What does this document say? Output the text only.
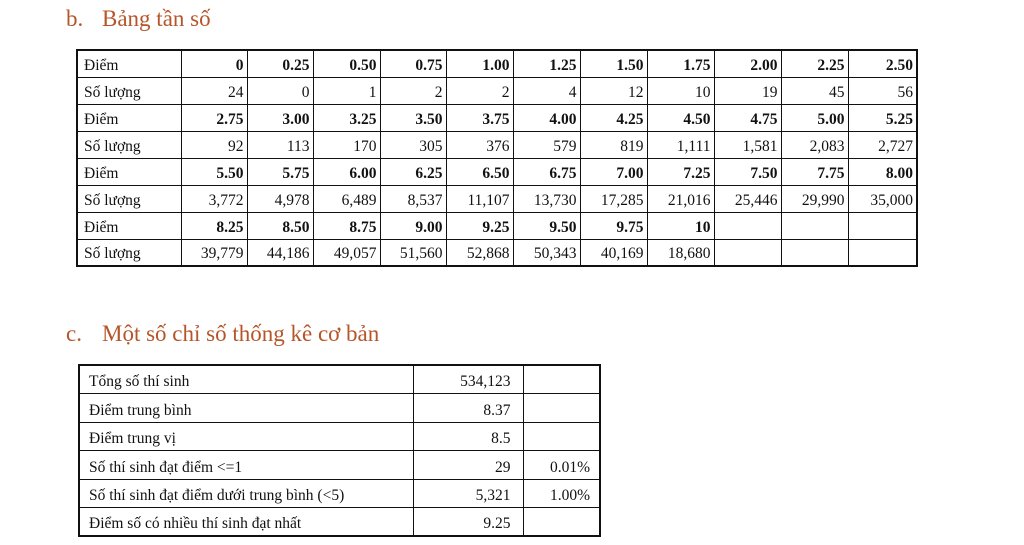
b. Bảng tần số
Điểm	0	0.25	0.50	0.75	1.00	1.25	1.50	1.75	2.00	2.25	2.50
Số lượng	24	0	1	2	2	4	12	10	19	45	56
Điểm	2.75	3.00	3.25	3.50	3.75	4.00	4.25	4.50	4.75	5.00	5.25
Số lượng	92	113	170	305	376	579	819	1,111	1,581	2,083	2,727
Điểm	5.50	5.75	6.00	6.25	6.50	6.75	7.00	7.25	7.50	7.75	8.00
Số lượng	3,772	4,978	6,489	8,537	11,107	13,730	17,285	21,016	25,446	29,990	35,000
Điểm	8.25	8.50	8.75	9.00	9.25	9.50	9.75	10			
Số lượng	39,779	44,186	49,057	51,560	52,868	50,343	40,169	18,680			
c. Một số chỉ số thống kê cơ bản
Tổng số thí sinh	534,123	
Điểm trung bình	8.37	
Điểm trung vị	8.5	
Số thí sinh đạt điểm <=1	29	0.01%
Số thí sinh đạt điểm dưới trung bình (<5)	5,321	1.00%
Điểm số có nhiều thí sinh đạt nhất	9.25	
